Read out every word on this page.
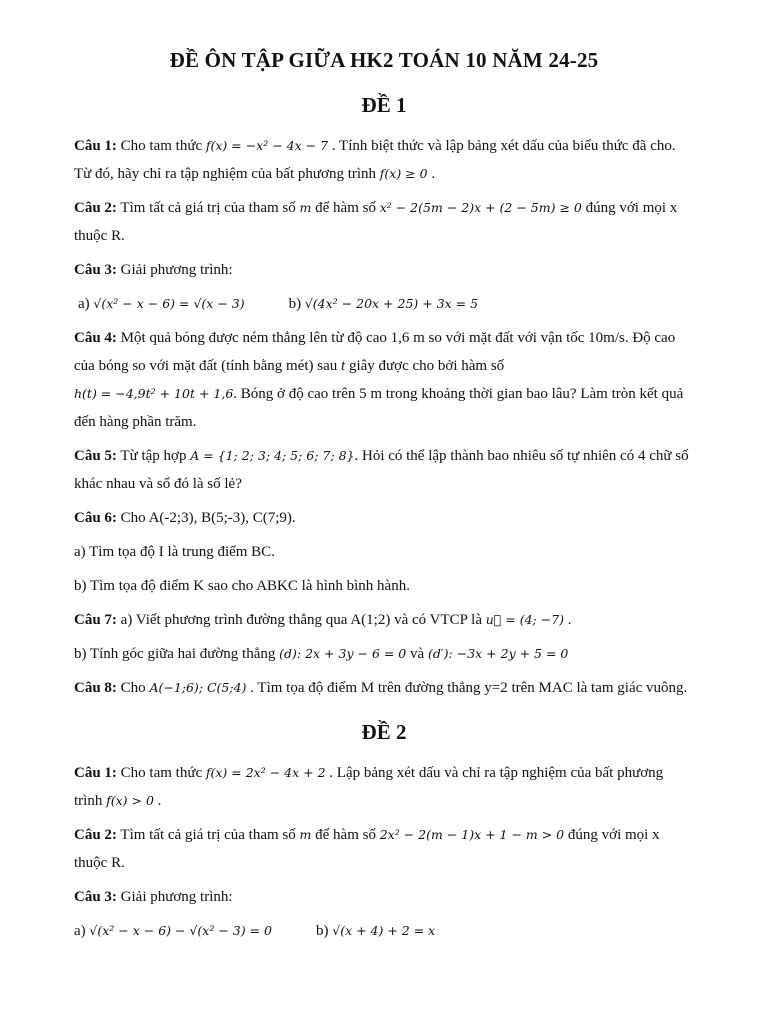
ĐỀ ÔN TẬP GIỮA HK2 TOÁN 10 NĂM 24-25
ĐỀ 1

Câu 1: Cho tam thức f(x) = −x² − 4x − 7 . Tính biệt thức và lập bảng xét dấu của biểu thức đã cho. Từ đó, hãy chỉ ra tập nghiệm của bất phương trình f(x) ≥ 0 .

Câu 2: Tìm tất cả giá trị của tham số m để hàm số x² − 2(5m − 2)x + (2 − 5m) ≥ 0 đúng với mọi x thuộc R.

Câu 3: Giải phương trình:

a) √(x² − x − 6) = √(x − 3)	b) √(4x² − 20x + 25) + 3x = 5

Câu 4: Một quả bóng được ném thẳng lên từ độ cao 1,6 m so với mặt đất với vận tốc 10m/s. Độ cao của bóng so với mặt đất (tính bằng mét) sau t giây được cho bởi hàm số
h(t) = −4,9t² + 10t + 1,6. Bóng ở độ cao trên 5 m trong khoảng thời gian bao lâu? Làm tròn kết quả đến hàng phần trăm.

Câu 5: Từ tập hợp A = {1; 2; 3; 4; 5; 6; 7; 8}. Hỏi có thể lập thành bao nhiêu số tự nhiên có 4 chữ số khác nhau và số đó là số lẻ?

Câu 6: Cho A(-2;3), B(5;-3), C(7;9).

a) Tìm tọa độ I là trung điểm BC.

b) Tìm tọa độ điểm K sao cho ABKC là hình bình hành.

Câu 7: a) Viết phương trình đường thẳng qua A(1;2) và có VTCP là u⃗ = (4; −7) .

b) Tính góc giữa hai đường thẳng (d): 2x + 3y − 6 = 0 và (d′): −3x + 2y + 5 = 0

Câu 8: Cho A(−1;6); C(5;4) . Tìm tọa độ điểm M trên đường thẳng y=2 trên MAC là tam giác vuông.

ĐỀ 2

Câu 1: Cho tam thức f(x) = 2x² − 4x + 2 . Lập bảng xét dấu và chỉ ra tập nghiệm của bất phương trình f(x) > 0 .

Câu 2: Tìm tất cả giá trị của tham số m để hàm số 2x² − 2(m − 1)x + 1 − m > 0 đúng với mọi x thuộc R.

Câu 3: Giải phương trình:

a) √(x² − x − 6) − √(x² − 3) = 0	b) √(x + 4) + 2 = x
